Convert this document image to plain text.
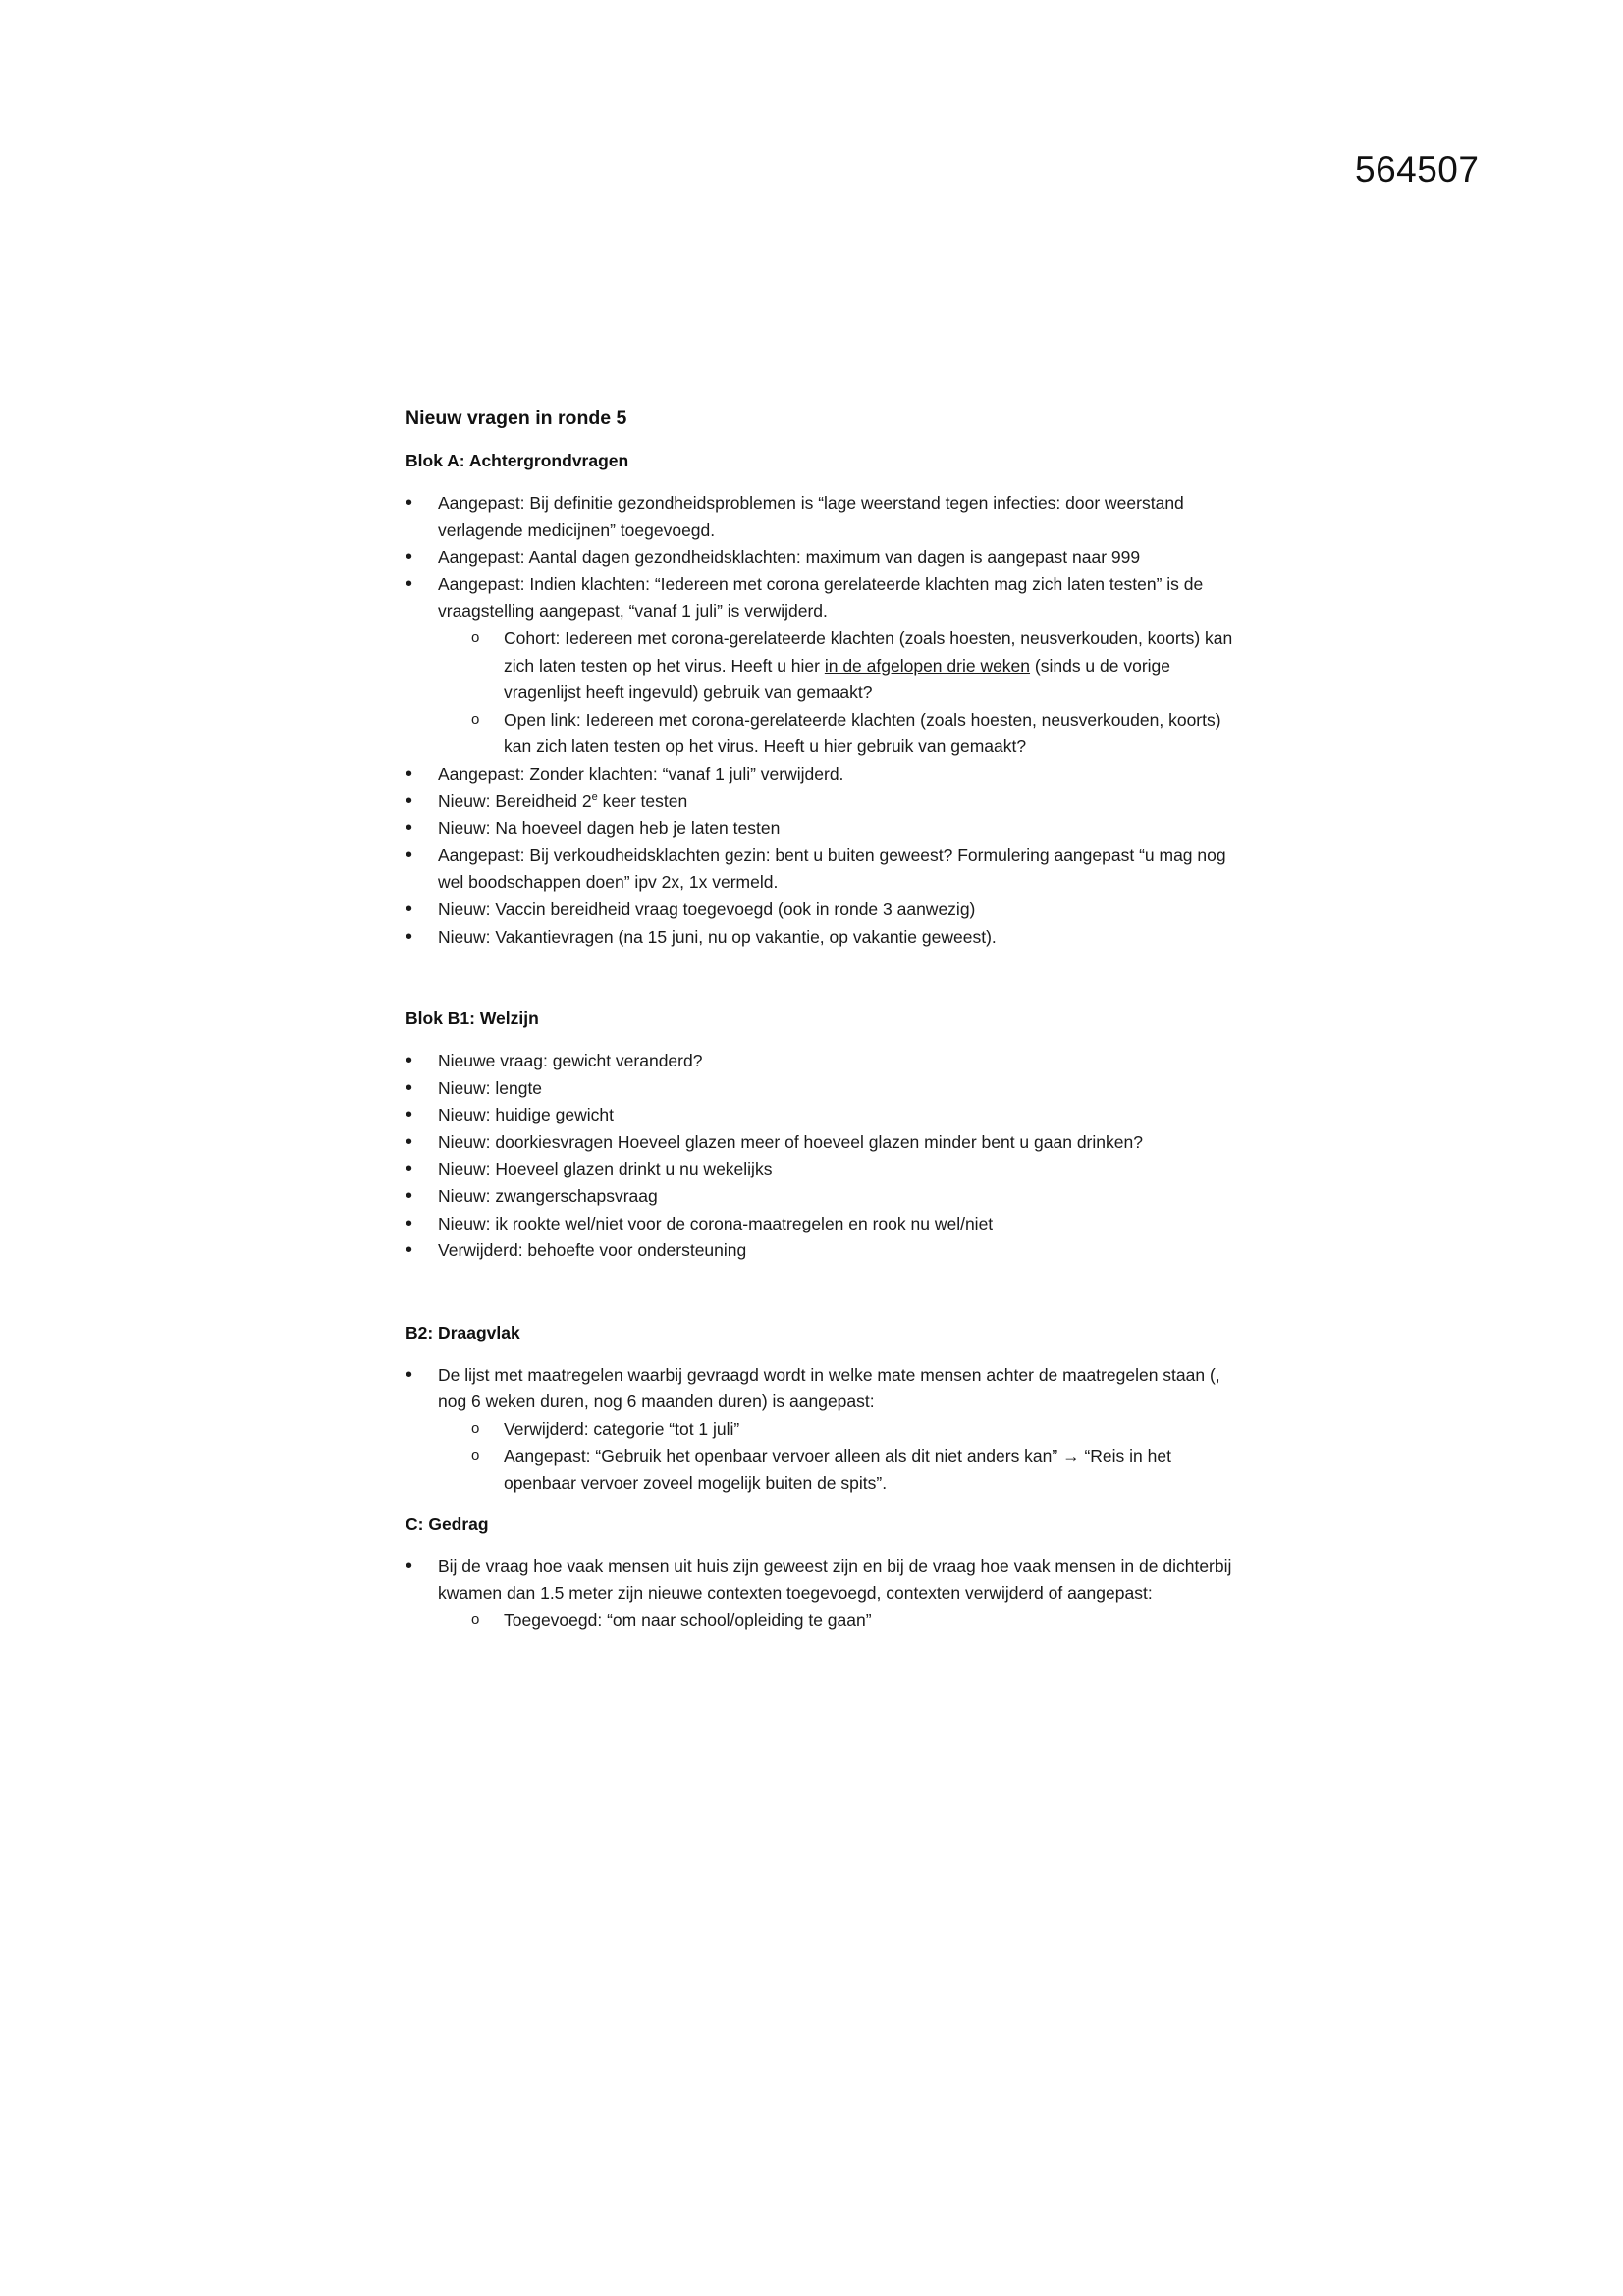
564507
Nieuw vragen in ronde 5
Blok A: Achtergrondvragen
• Aangepast: Bij definitie gezondheidsproblemen is “lage weerstand tegen infecties: door weerstand verlagende medicijnen” toegevoegd.
• Aangepast: Aantal dagen gezondheidsklachten: maximum van dagen is aangepast naar 999
• Aangepast: Indien klachten: “Iedereen met corona gerelateerde klachten mag zich laten testen” is de vraagstelling aangepast, “vanaf 1 juli” is verwijderd.
o Cohort: Iedereen met corona-gerelateerde klachten (zoals hoesten, neusverkouden, koorts) kan zich laten testen op het virus. Heeft u hier in de afgelopen drie weken (sinds u de vorige vragenlijst heeft ingevuld) gebruik van gemaakt?
o Open link: Iedereen met corona-gerelateerde klachten (zoals hoesten, neusverkouden, koorts) kan zich laten testen op het virus. Heeft u hier gebruik van gemaakt?
• Aangepast: Zonder klachten: “vanaf 1 juli” verwijderd.
• Nieuw: Bereidheid 2e keer testen
• Nieuw: Na hoeveel dagen heb je laten testen
• Aangepast: Bij verkoudheidsklachten gezin: bent u buiten geweest? Formulering aangepast “u mag nog wel boodschappen doen” ipv 2x, 1x vermeld.
• Nieuw: Vaccin bereidheid vraag toegevoegd (ook in ronde 3 aanwezig)
• Nieuw: Vakantievragen (na 15 juni, nu op vakantie, op vakantie geweest).
Blok B1: Welzijn
• Nieuwe vraag: gewicht veranderd?
• Nieuw: lengte
• Nieuw: huidige gewicht
• Nieuw: doorkiesvragen Hoeveel glazen meer of hoeveel glazen minder bent u gaan drinken?
• Nieuw: Hoeveel glazen drinkt u nu wekelijks
• Nieuw: zwangerschapsvraag
• Nieuw: ik rookte wel/niet voor de corona-maatregelen en rook nu wel/niet
• Verwijderd: behoefte voor ondersteuning
B2: Draagvlak
• De lijst met maatregelen waarbij gevraagd wordt in welke mate mensen achter de maatregelen staan (, nog 6 weken duren, nog 6 maanden duren) is aangepast:
o Verwijderd: categorie “tot 1 juli”
o Aangepast: “Gebruik het openbaar vervoer alleen als dit niet anders kan” → “Reis in het openbaar vervoer zoveel mogelijk buiten de spits”.
C: Gedrag
• Bij de vraag hoe vaak mensen uit huis zijn geweest zijn en bij de vraag hoe vaak mensen in de dichterbij kwamen dan 1.5 meter zijn nieuwe contexten toegevoegd, contexten verwijderd of aangepast:
o Toegevoegd: “om naar school/opleiding te gaan”
